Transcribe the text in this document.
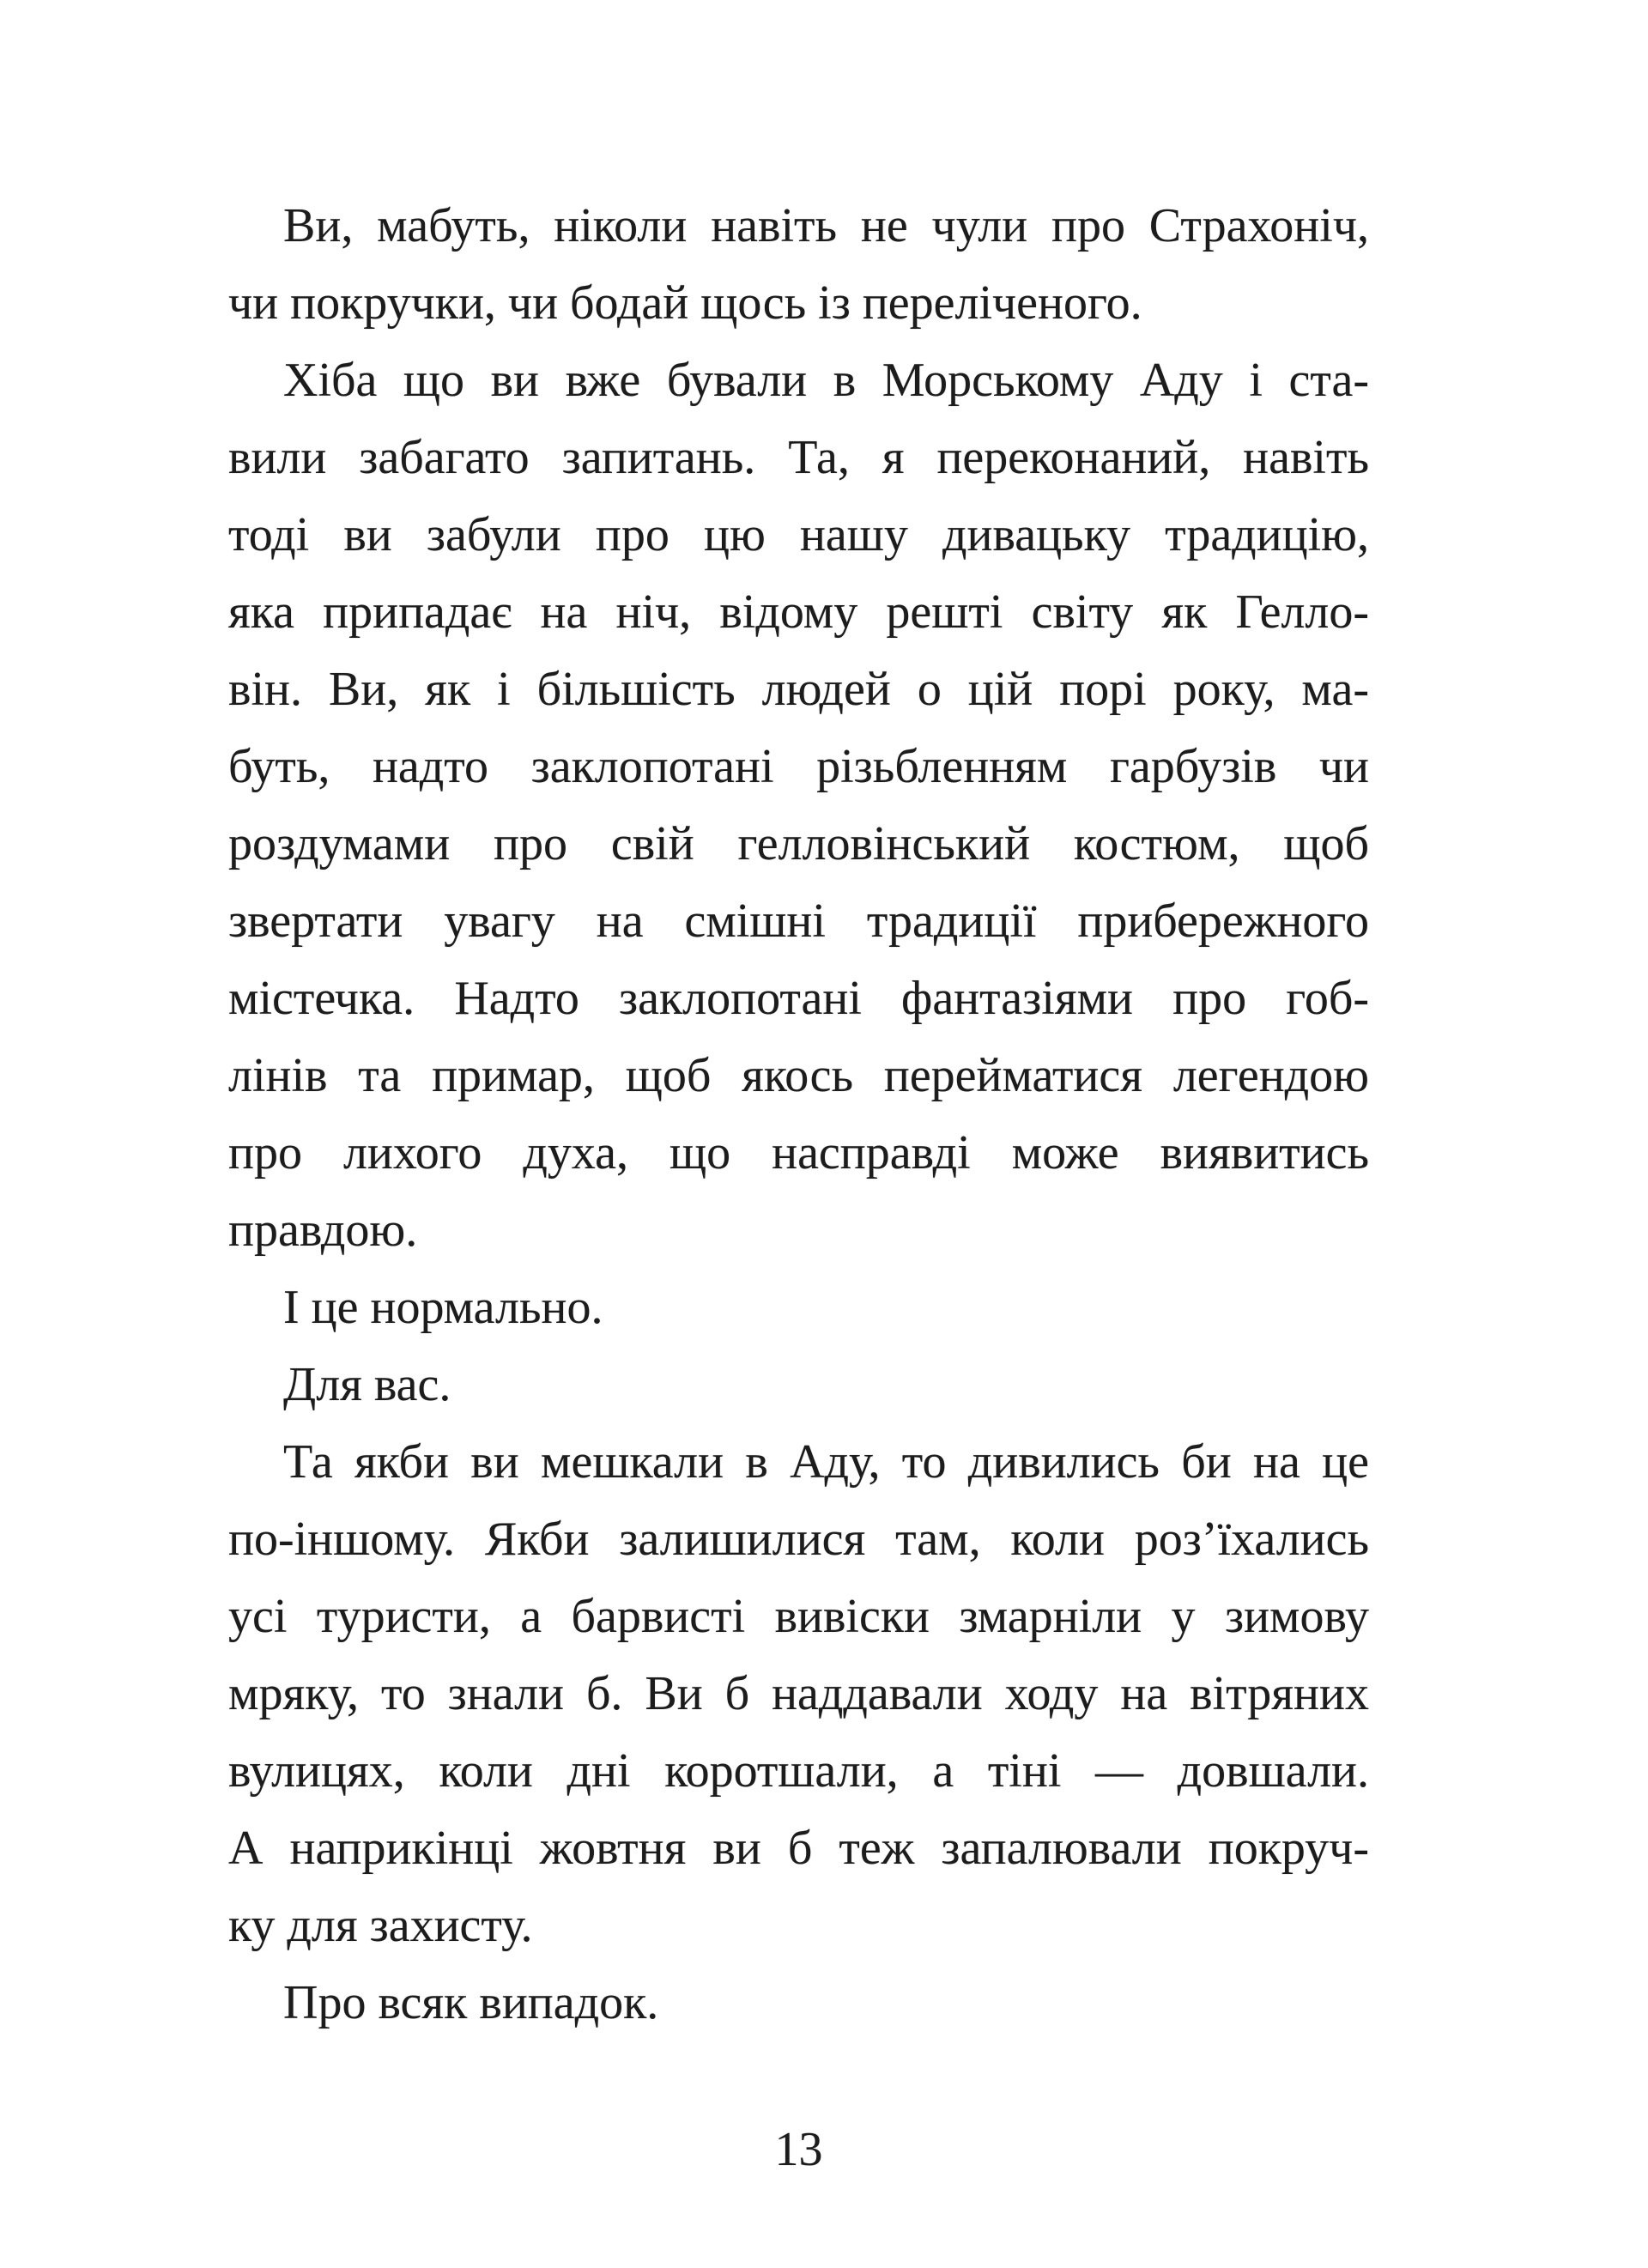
Ви, мабуть, ніколи навіть не чули про Страхоніч,
чи покручки, чи бодай щось із переліченого.
Хіба що ви вже бували в Морському Аду і ста-
вили забагато запитань. Та, я переконаний, навіть
тоді ви забули про цю нашу дивацьку традицію,
яка припадає на ніч, відому решті світу як Гелло-
він. Ви, як і більшість людей о цій порі року, ма-
буть, надто заклопотані різьбленням гарбузів чи
роздумами про свій гелловінський костюм, щоб
звертати увагу на смішні традиції прибережного
містечка. Надто заклопотані фантазіями про гоб-
лінів та примар, щоб якось перейматися легендою
про лихого духа, що насправді може виявитись
правдою.
І це нормально.
Для вас.
Та якби ви мешкали в Аду, то дивились би на це
по-іншому. Якби залишилися там, коли роз’їхались
усі туристи, а барвисті вивіски змарніли у зимову
мряку, то знали б. Ви б наддавали ходу на вітряних
вулицях, коли дні коротшали, а тіні — довшали.
А наприкінці жовтня ви б теж запалювали покруч-
ку для захисту.
Про всяк випадок.
13
